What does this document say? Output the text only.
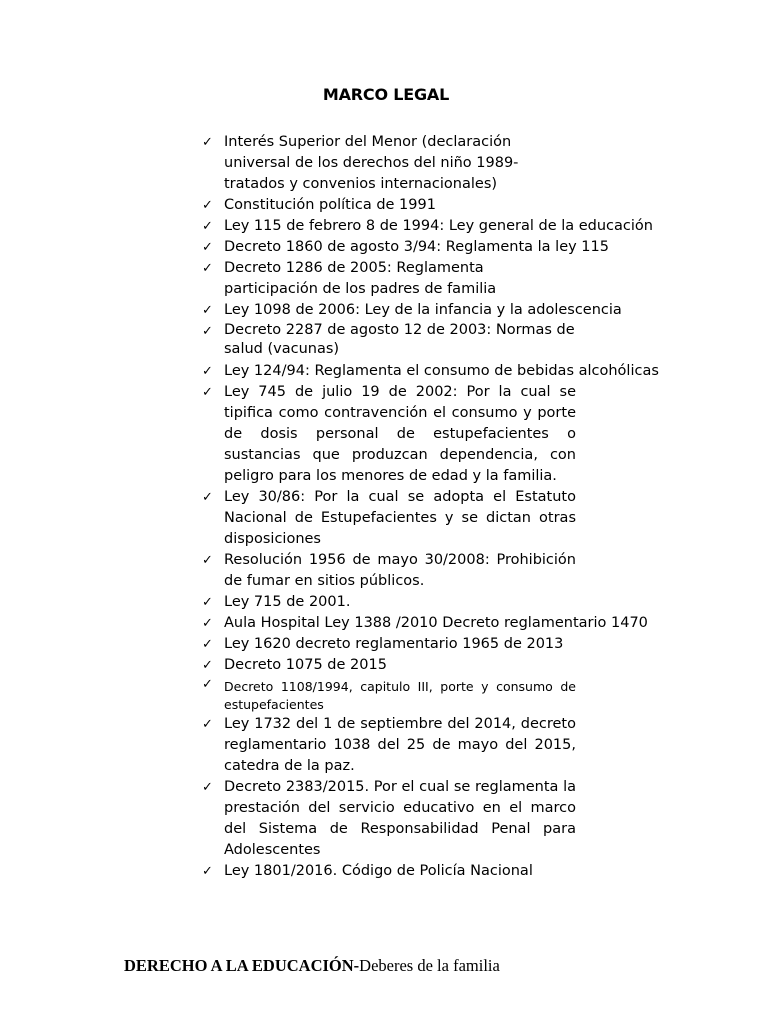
MARCO LEGAL
✓ Interés Superior del Menor (declaración universal de los derechos del niño 1989- tratados y convenios internacionales)
✓ Constitución política de 1991
✓ Ley 115 de febrero 8 de 1994: Ley general de la educación
✓ Decreto 1860 de agosto 3/94: Reglamenta la ley 115
✓ Decreto 1286 de 2005: Reglamenta participación de los padres de familia
✓ Ley 1098 de 2006: Ley de la infancia y la adolescencia
✓ Decreto 2287 de agosto 12 de 2003: Normas de salud (vacunas)
✓ Ley 124/94: Reglamenta el consumo de bebidas alcohólicas
✓ Ley 745 de julio 19 de 2002: Por la cual se tipifica como contravención el consumo y porte de dosis personal de estupefacientes o sustancias que produzcan dependencia, con peligro para los menores de edad y la familia.
✓ Ley 30/86: Por la cual se adopta el Estatuto Nacional de Estupefacientes y se dictan otras disposiciones
✓ Resolución 1956 de mayo 30/2008: Prohibición de fumar en sitios públicos.
✓ Ley 715 de 2001.
✓ Aula Hospital Ley 1388 /2010 Decreto reglamentario 1470
✓ Ley 1620 decreto reglamentario 1965 de 2013
✓ Decreto 1075 de 2015
✓ Decreto 1108/1994, capitulo III, porte y consumo de estupefacientes
✓ Ley 1732 del 1 de septiembre del 2014, decreto reglamentario 1038 del 25 de mayo del 2015, catedra de la paz.
✓ Decreto 2383/2015. Por el cual se reglamenta la prestación del servicio educativo en el marco del Sistema de Responsabilidad Penal para Adolescentes
✓ Ley 1801/2016. Código de Policía Nacional
DERECHO A LA EDUCACIÓN-Deberes de la familia
